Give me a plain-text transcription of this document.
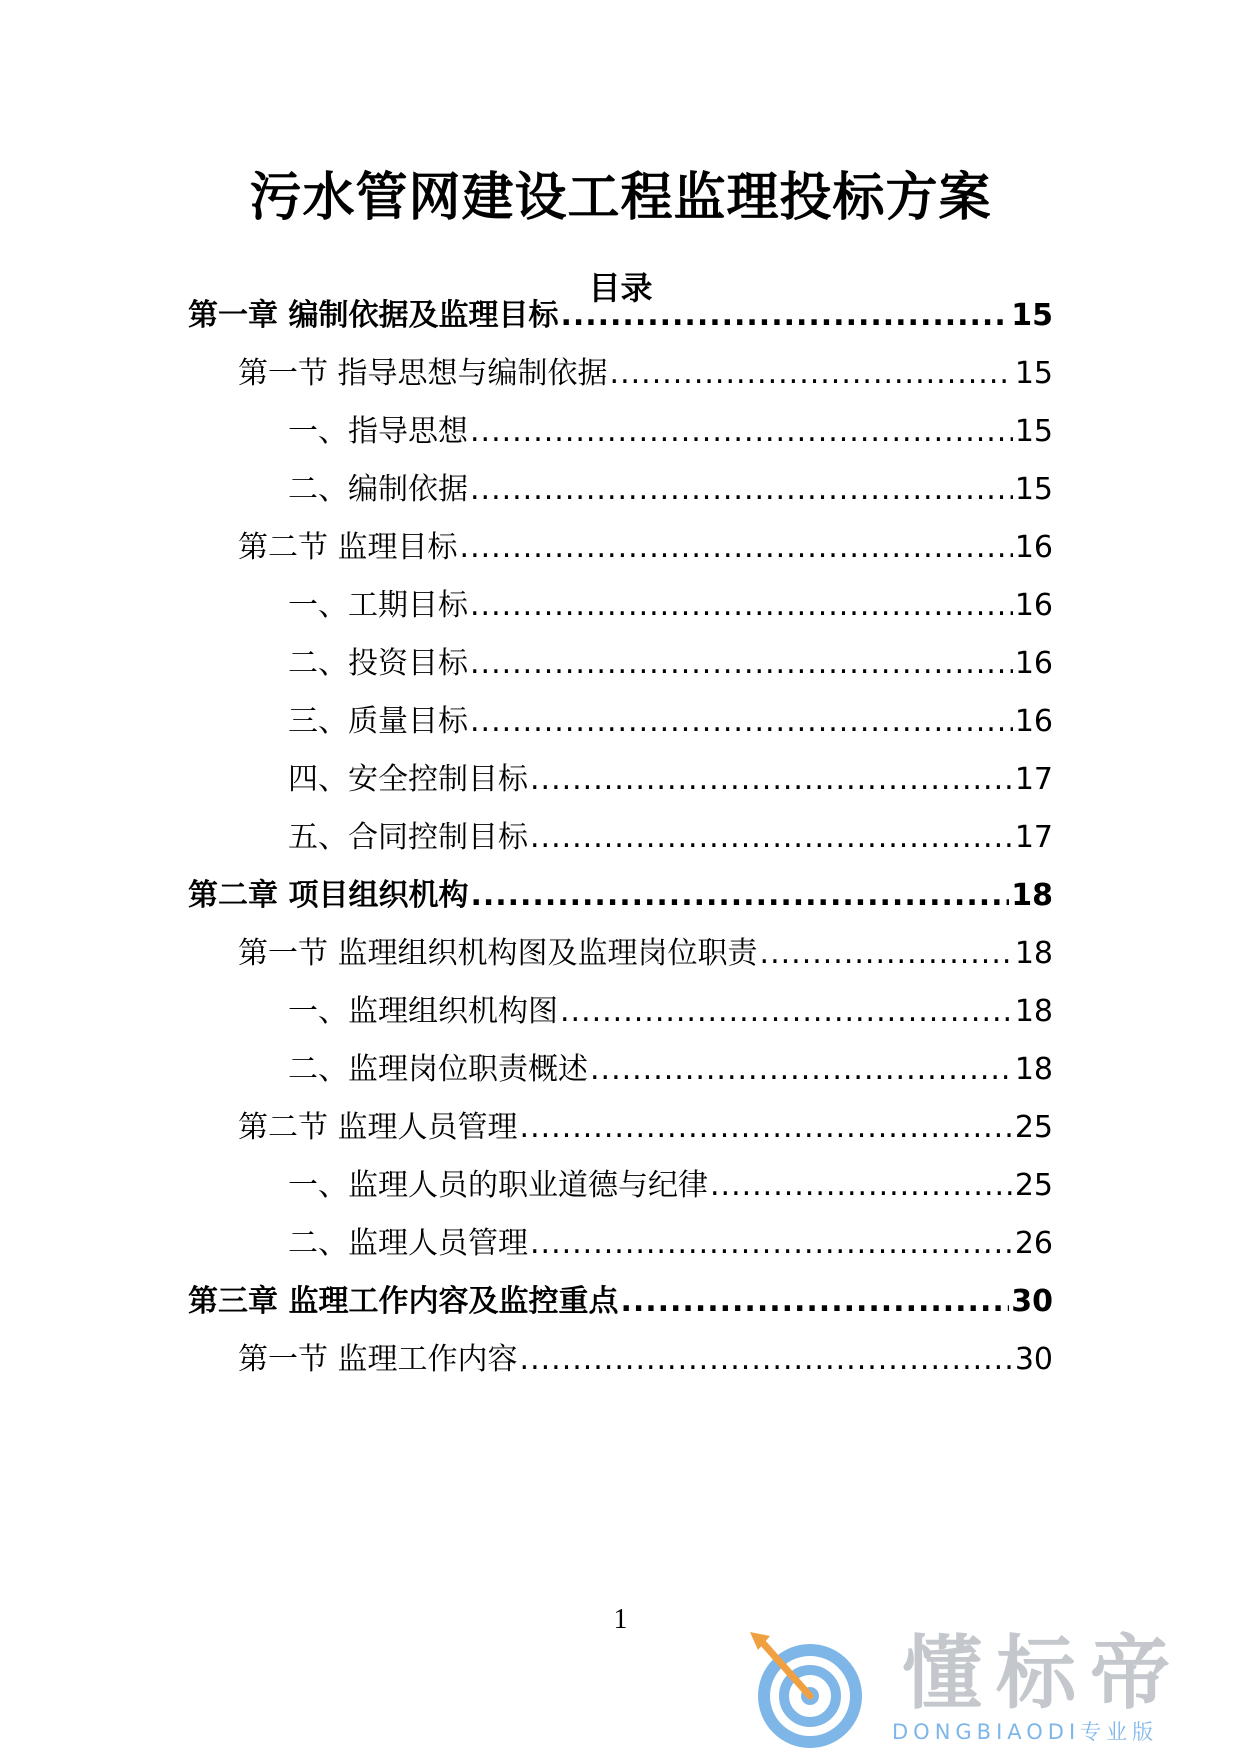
污水管网建设工程监理投标方案
目录
第一章 编制依据及监理目标 .....	15
第一节 指导思想与编制依据 .....	15
一、指导思想 .....	15
二、编制依据 .....	15
第二节 监理目标 .....	16
一、工期目标 .....	16
二、投资目标 .....	16
三、质量目标 .....	16
四、安全控制目标 .....	17
五、合同控制目标 .....	17
第二章 项目组织机构 .....	18
第一节 监理组织机构图及监理岗位职责 .....	18
一、监理组织机构图 .....	18
二、监理岗位职责概述 .....	18
第二节 监理人员管理 .....	25
一、监理人员的职业道德与纪律 .....	25
二、监理人员管理 .....	26
第三章 监理工作内容及监控重点 .....	30
第一节 监理工作内容 .....	30
1
懂标帝
DONGBIAODI专业版
